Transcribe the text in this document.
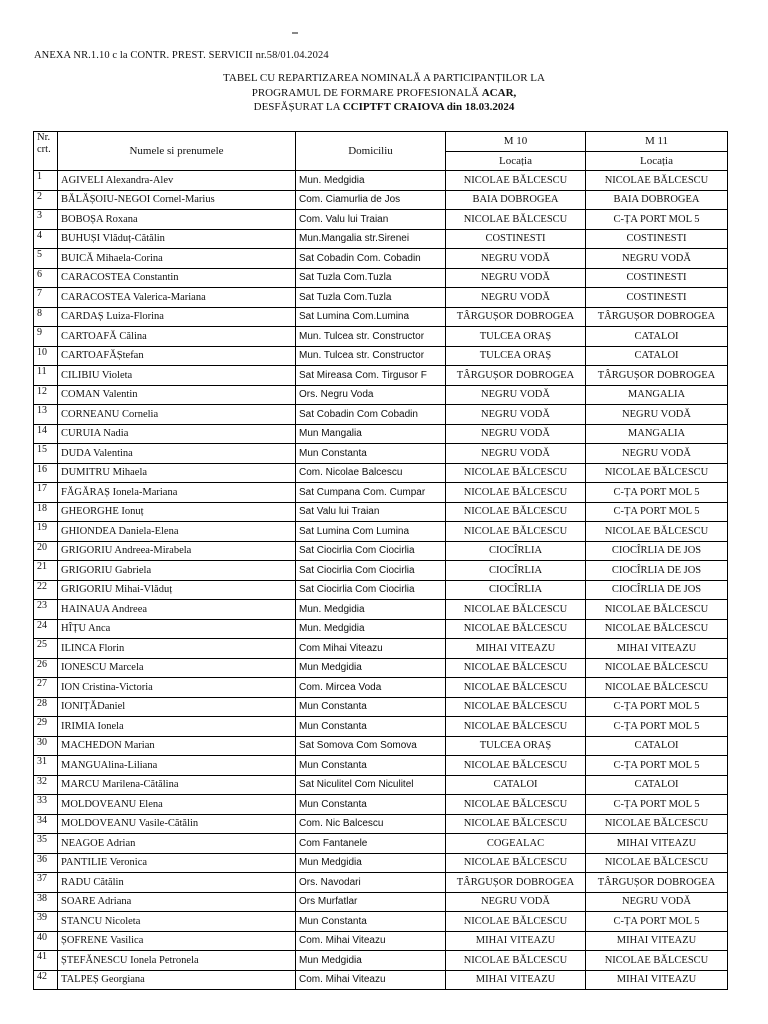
ANEXA NR.1.10 c la CONTR. PREST. SERVICII nr.58/01.04.2024
TABEL CU REPARTIZAREA NOMINALĂ A PARTICIPANȚILOR LA
PROGRAMUL DE FORMARE PROFESIONALĂ ACAR,
DESFĂȘURAT LA CCIPTFT CRAIOVA din 18.03.2024
Nr.
crt.	Numele si prenumele	Domiciliu	M 10	M 11
			Locația	Locația
1	AGIVELI Alexandra-Alev	Mun. Medgidia	NICOLAE BĂLCESCU	NICOLAE BĂLCESCU
2	BĂLĂȘOIU-NEGOI Cornel-Marius	Com. Ciamurlia de Jos	BAIA DOBROGEA	BAIA DOBROGEA
3	BOBOȘA Roxana	Com. Valu lui Traian	NICOLAE BĂLCESCU	C-ȚA PORT MOL 5
4	BUHUȘI Vlăduț-Cătălin	Mun.Mangalia str.Sirenei	COSTINESTI	COSTINESTI
5	BUICĂ Mihaela-Corina	Sat Cobadin Com. Cobadin	NEGRU VODĂ	NEGRU VODĂ
6	CARACOSTEA Constantin	Sat Tuzla Com.Tuzla	NEGRU VODĂ	COSTINESTI
7	CARACOSTEA Valerica-Mariana	Sat Tuzla Com.Tuzla	NEGRU VODĂ	COSTINESTI
8	CARDAȘ Luiza-Florina	Sat Lumina Com.Lumina	TÂRGUȘOR DOBROGEA	TÂRGUȘOR DOBROGEA
9	CARTOAFĂ Călina	Mun. Tulcea str. Constructor	TULCEA ORAȘ	CATALOI
10	CARTOAFĂȘtefan	Mun. Tulcea str. Constructor	TULCEA ORAȘ	CATALOI
11	CILIBIU Violeta	Sat Mireasa Com. Tirgusor F	TÂRGUȘOR DOBROGEA	TÂRGUȘOR DOBROGEA
12	COMAN Valentin	Ors. Negru Voda	NEGRU VODĂ	MANGALIA
13	CORNEANU Cornelia	Sat Cobadin Com Cobadin	NEGRU VODĂ	NEGRU VODĂ
14	CURUIA Nadia	Mun Mangalia	NEGRU VODĂ	MANGALIA
15	DUDA Valentina	Mun Constanta	NEGRU VODĂ	NEGRU VODĂ
16	DUMITRU Mihaela	Com. Nicolae Balcescu	NICOLAE BĂLCESCU	NICOLAE BĂLCESCU
17	FĂGĂRAȘ Ionela-Mariana	Sat Cumpana Com. Cumpar	NICOLAE BĂLCESCU	C-ȚA PORT MOL 5
18	GHEORGHE Ionuț	Sat Valu lui Traian	NICOLAE BĂLCESCU	C-ȚA PORT MOL 5
19	GHIONDEA Daniela-Elena	Sat Lumina Com Lumina	NICOLAE BĂLCESCU	NICOLAE BĂLCESCU
20	GRIGORIU Andreea-Mirabela	Sat Ciocirlia Com Ciocirlia	CIOCÎRLIA	CIOCÎRLIA DE JOS
21	GRIGORIU Gabriela	Sat Ciocirlia Com Ciocirlia	CIOCÎRLIA	CIOCÎRLIA DE JOS
22	GRIGORIU Mihai-Vlăduț	Sat Ciocirlia Com Ciocirlia	CIOCÎRLIA	CIOCÎRLIA DE JOS
23	HAINAUA Andreea	Mun. Medgidia	NICOLAE BĂLCESCU	NICOLAE BĂLCESCU
24	HÎȚU Anca	Mun. Medgidia	NICOLAE BĂLCESCU	NICOLAE BĂLCESCU
25	ILINCA Florin	Com Mihai Viteazu	MIHAI VITEAZU	MIHAI VITEAZU
26	IONESCU Marcela	Mun Medgidia	NICOLAE BĂLCESCU	NICOLAE BĂLCESCU
27	ION Cristina-Victoria	Com. Mircea Voda	NICOLAE BĂLCESCU	NICOLAE BĂLCESCU
28	IONIȚĂDaniel	Mun Constanta	NICOLAE BĂLCESCU	C-ȚA PORT MOL 5
29	IRIMIA Ionela	Mun Constanta	NICOLAE BĂLCESCU	C-ȚA PORT MOL 5
30	MACHEDON Marian	Sat Somova Com Somova	TULCEA ORAȘ	CATALOI
31	MANGUAlina-Liliana	Mun Constanta	NICOLAE BĂLCESCU	C-ȚA PORT MOL 5
32	MARCU Marilena-Cătălina	Sat Niculitel Com Niculitel	CATALOI	CATALOI
33	MOLDOVEANU Elena	Mun Constanta	NICOLAE BĂLCESCU	C-ȚA PORT MOL 5
34	MOLDOVEANU Vasile-Cătălin	Com. Nic Balcescu	NICOLAE BĂLCESCU	NICOLAE BĂLCESCU
35	NEAGOE Adrian	Com Fantanele	COGEALAC	MIHAI VITEAZU
36	PANTILIE Veronica	Mun Medgidia	NICOLAE BĂLCESCU	NICOLAE BĂLCESCU
37	RADU Cătălin	Ors. Navodari	TÂRGUȘOR DOBROGEA	TÂRGUȘOR DOBROGEA
38	SOARE Adriana	Ors Murfatlar	NEGRU VODĂ	NEGRU VODĂ
39	STANCU Nicoleta	Mun Constanta	NICOLAE BĂLCESCU	C-ȚA PORT MOL 5
40	ȘOFRENE Vasilica	Com. Mihai Viteazu	MIHAI VITEAZU	MIHAI VITEAZU
41	ȘTEFĂNESCU Ionela Petronela	Mun Medgidia	NICOLAE BĂLCESCU	NICOLAE BĂLCESCU
42	TALPEȘ Georgiana	Com. Mihai Viteazu	MIHAI VITEAZU	MIHAI VITEAZU
